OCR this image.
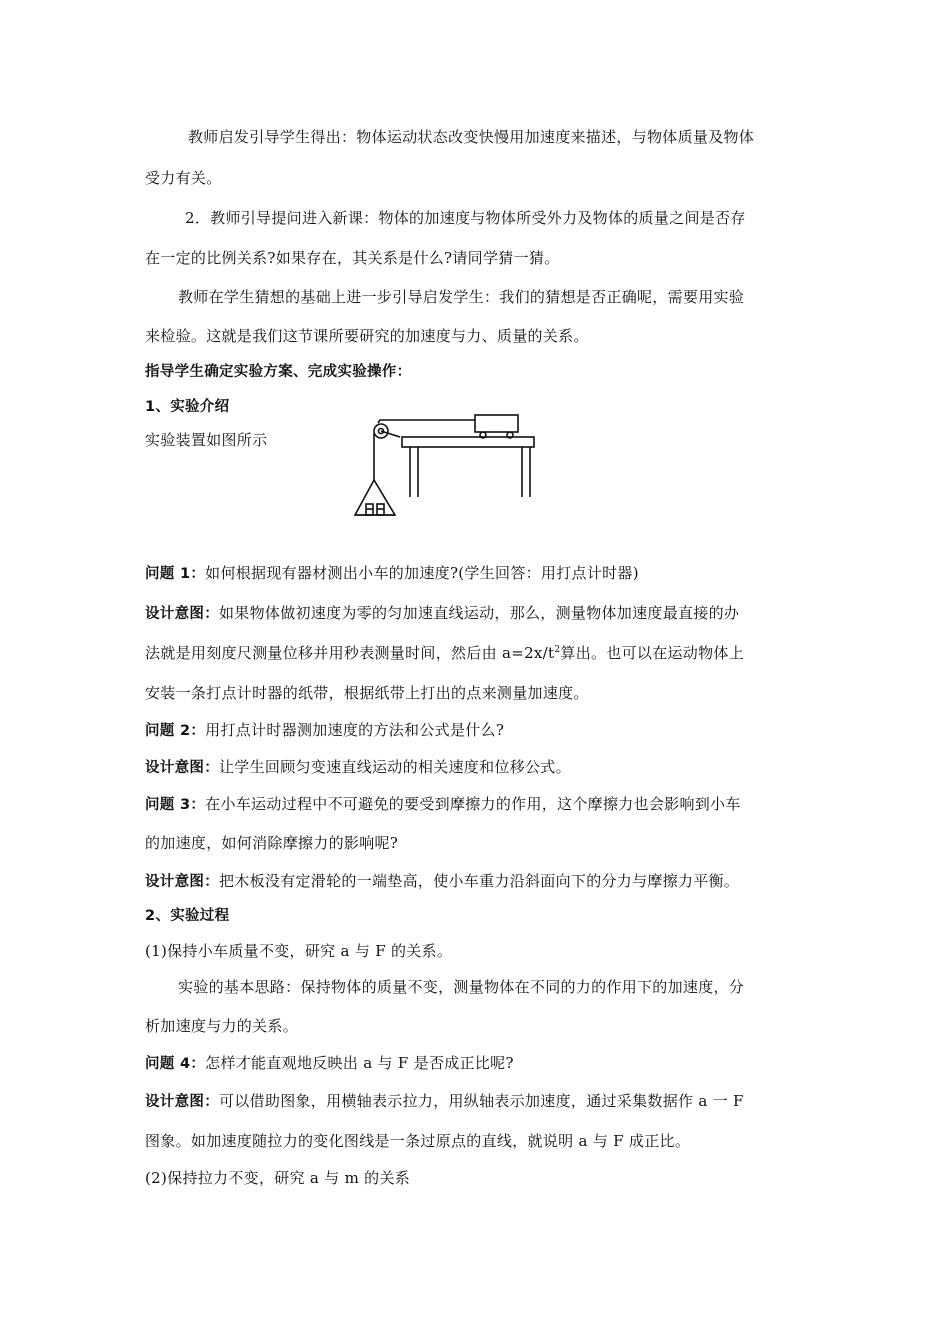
教师启发引导学生得出：物体运动状态改变快慢用加速度来描述，与物体质量及物体
受力有关。
2．教师引导提问进入新课：物体的加速度与物体所受外力及物体的质量之间是否存
在一定的比例关系?如果存在，其关系是什么?请同学猜一猜。
教师在学生猜想的基础上进一步引导启发学生：我们的猜想是否正确呢，需要用实验
来检验。这就是我们这节课所要研究的加速度与力、质量的关系。
指导学生确定实验方案、完成实验操作：
1、实验介绍
实验装置如图所示
问题 1：如何根据现有器材测出小车的加速度?(学生回答：用打点计时器)
设计意图：如果物体做初速度为零的匀加速直线运动，那么，测量物体加速度最直接的办
法就是用刻度尺测量位移并用秒表测量时间，然后由 $a=2x/t^2$算出。也可以在运动物体上
安装一条打点计时器的纸带，根据纸带上打出的点来测量加速度。
问题 2：用打点计时器测加速度的方法和公式是什么?
设计意图：让学生回顾匀变速直线运动的相关速度和位移公式。
问题 3：在小车运动过程中不可避免的要受到摩擦力的作用，这个摩擦力也会影响到小车
的加速度，如何消除摩擦力的影响呢?
设计意图：把木板没有定滑轮的一端垫高，使小车重力沿斜面向下的分力与摩擦力平衡。
2、实验过程
(1)保持小车质量不变，研究 a 与 F 的关系。
实验的基本思路：保持物体的质量不变，测量物体在不同的力的作用下的加速度，分
析加速度与力的关系。
问题 4：怎样才能直观地反映出 a 与 F 是否成正比呢?
设计意图：可以借助图象，用横轴表示拉力，用纵轴表示加速度，通过采集数据作 a 一 F
图象。如加速度随拉力的变化图线是一条过原点的直线，就说明 a 与 F 成正比。
(2)保持拉力不变，研究 a 与 m 的关系
